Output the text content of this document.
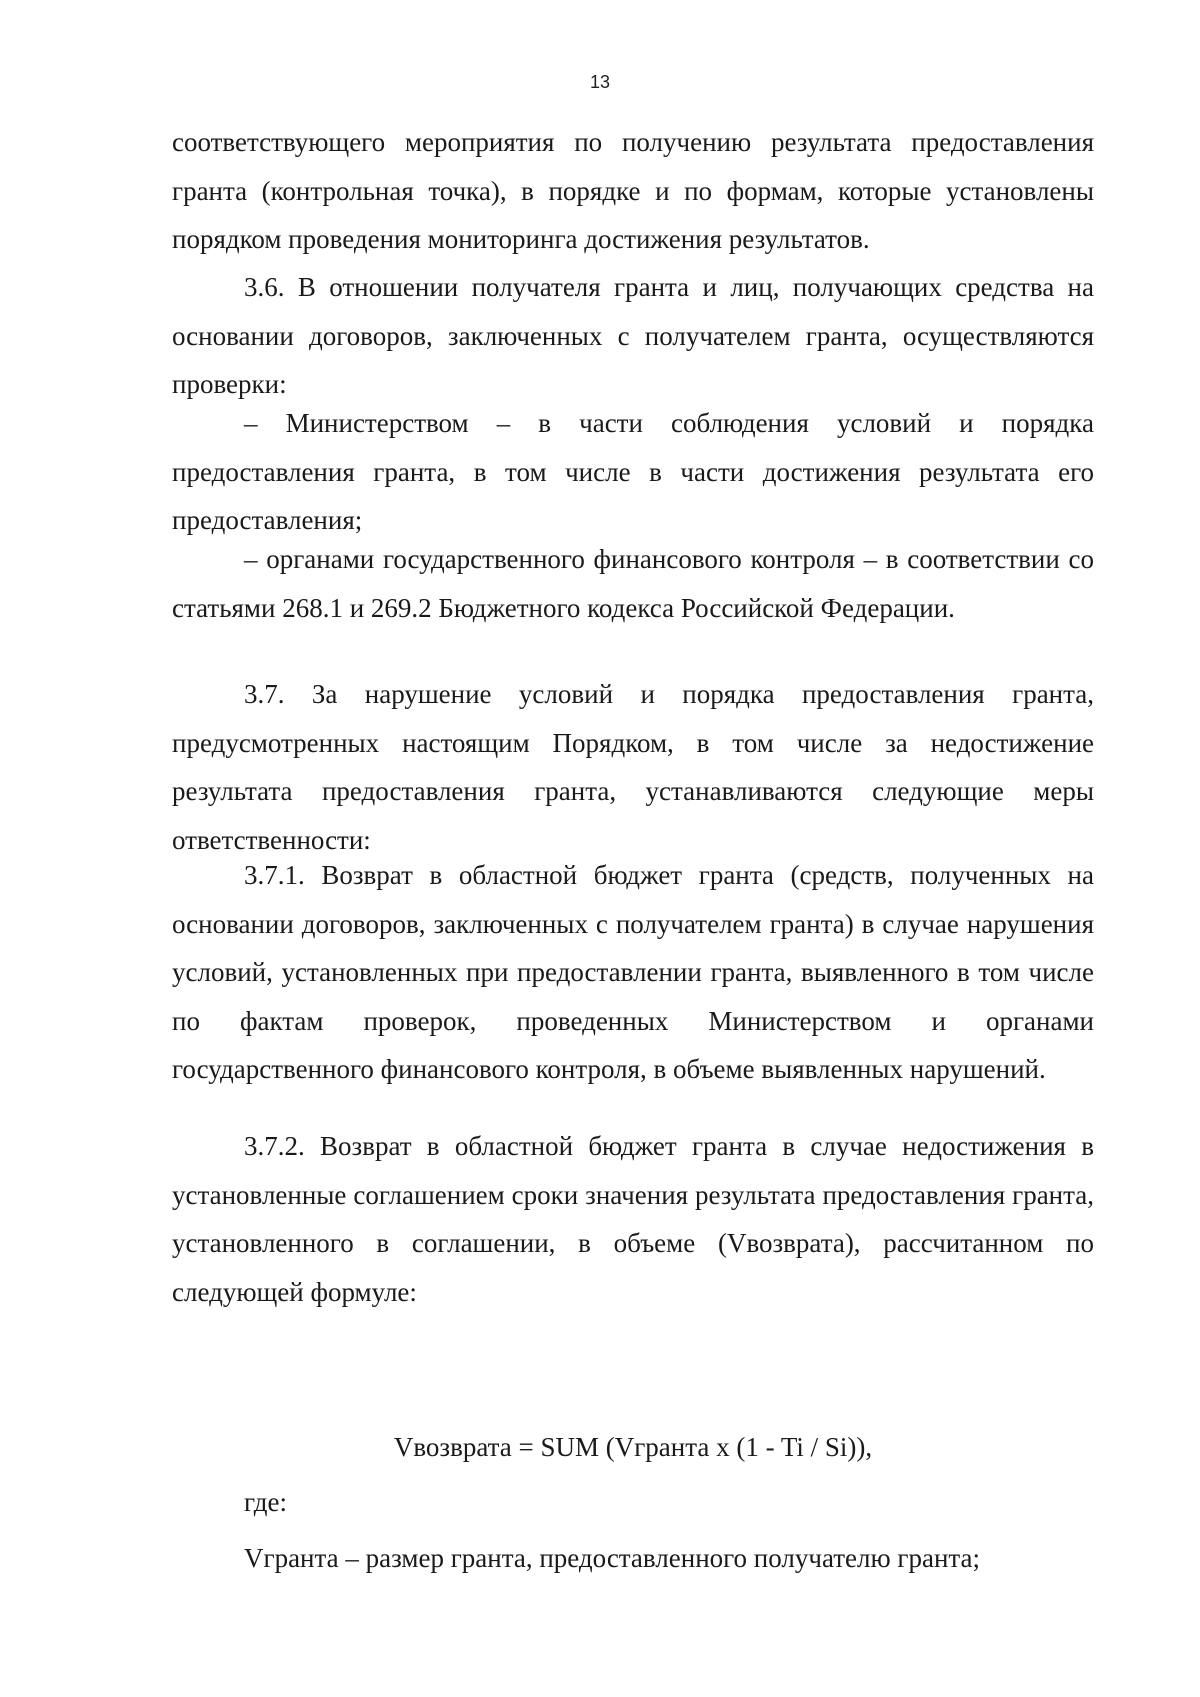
13

соответствующего мероприятия по получению результата предоставления гранта (контрольная точка), в порядке и по формам, которые установлены порядком проведения мониторинга достижения результатов.

3.6. В отношении получателя гранта и лиц, получающих средства на основании договоров, заключенных с получателем гранта, осуществляются проверки:

– Министерством – в части соблюдения условий и порядка предоставления гранта, в том числе в части достижения результата его предоставления;

– органами государственного финансового контроля – в соответствии со статьями 268.1 и 269.2 Бюджетного кодекса Российской Федерации.

3.7. За нарушение условий и порядка предоставления гранта, предусмотренных настоящим Порядком, в том числе за недостижение результата предоставления гранта, устанавливаются следующие меры ответственности:

3.7.1. Возврат в областной бюджет гранта (средств, полученных на основании договоров, заключенных с получателем гранта) в случае нарушения условий, установленных при предоставлении гранта, выявленного в том числе по фактам проверок, проведенных Министерством и органами государственного финансового контроля, в объеме выявленных нарушений.

3.7.2. Возврат в областной бюджет гранта в случае недостижения в установленные соглашением сроки значения результата предоставления гранта, установленного в соглашении, в объеме (Vвозврата), рассчитанном по следующей формуле:

Vвозврата = SUM (Vгранта x (1 - Ti / Si)),
где:
Vгранта – размер гранта, предоставленного получателю гранта;
